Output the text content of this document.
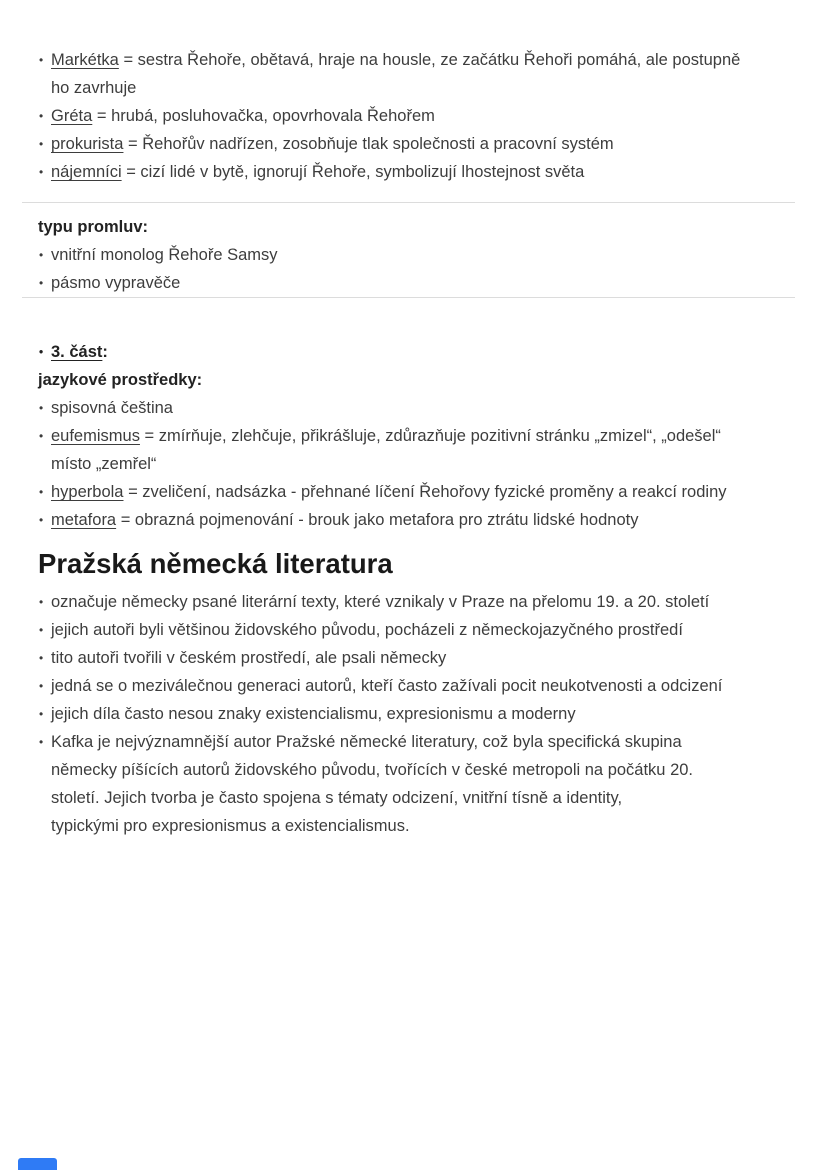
• Markétka = sestra Řehoře, obětavá, hraje na housle, ze začátku Řehoři pomáhá, ale postupně
ho zavrhuje
• Gréta = hrubá, posluhovačka, opovrhovala Řehořem
• prokurista = Řehořův nadřízen, zosobňuje tlak společnosti a pracovní systém
• nájemníci = cizí lidé v bytě, ignorují Řehoře, symbolizují lhostejnost světa
typu promluv:
• vnitřní monolog Řehoře Samsy
• pásmo vypravěče
• 3. část:
jazykové prostředky:
• spisovná čeština
• eufemismus = zmírňuje, zlehčuje, přikrášluje, zdůrazňuje pozitivní stránku „zmizel“, „odešel“
místo „zemřel“
• hyperbola = zveličení, nadsázka - přehnané líčení Řehořovy fyzické proměny a reakcí rodiny
• metafora = obrazná pojmenování - brouk jako metafora pro ztrátu lidské hodnoty
Pražská německá literatura
• označuje německy psané literární texty, které vznikaly v Praze na přelomu 19. a 20. století
• jejich autoři byli většinou židovského původu, pocházeli z německojazyčného prostředí
• tito autoři tvořili v českém prostředí, ale psali německy
• jedná se o meziválečnou generaci autorů, kteří často zažívali pocit neukotvenosti a odcizení
• jejich díla často nesou znaky existencialismu, expresionismu a moderny
• Kafka je nejvýznamnější autor Pražské německé literatury, což byla specifická skupina
německy píšících autorů židovského původu, tvořících v české metropoli na počátku 20.
století. Jejich tvorba je často spojena s tématy odcizení, vnitřní tísně a identity,
typickými pro expresionismus a existencialismus.
